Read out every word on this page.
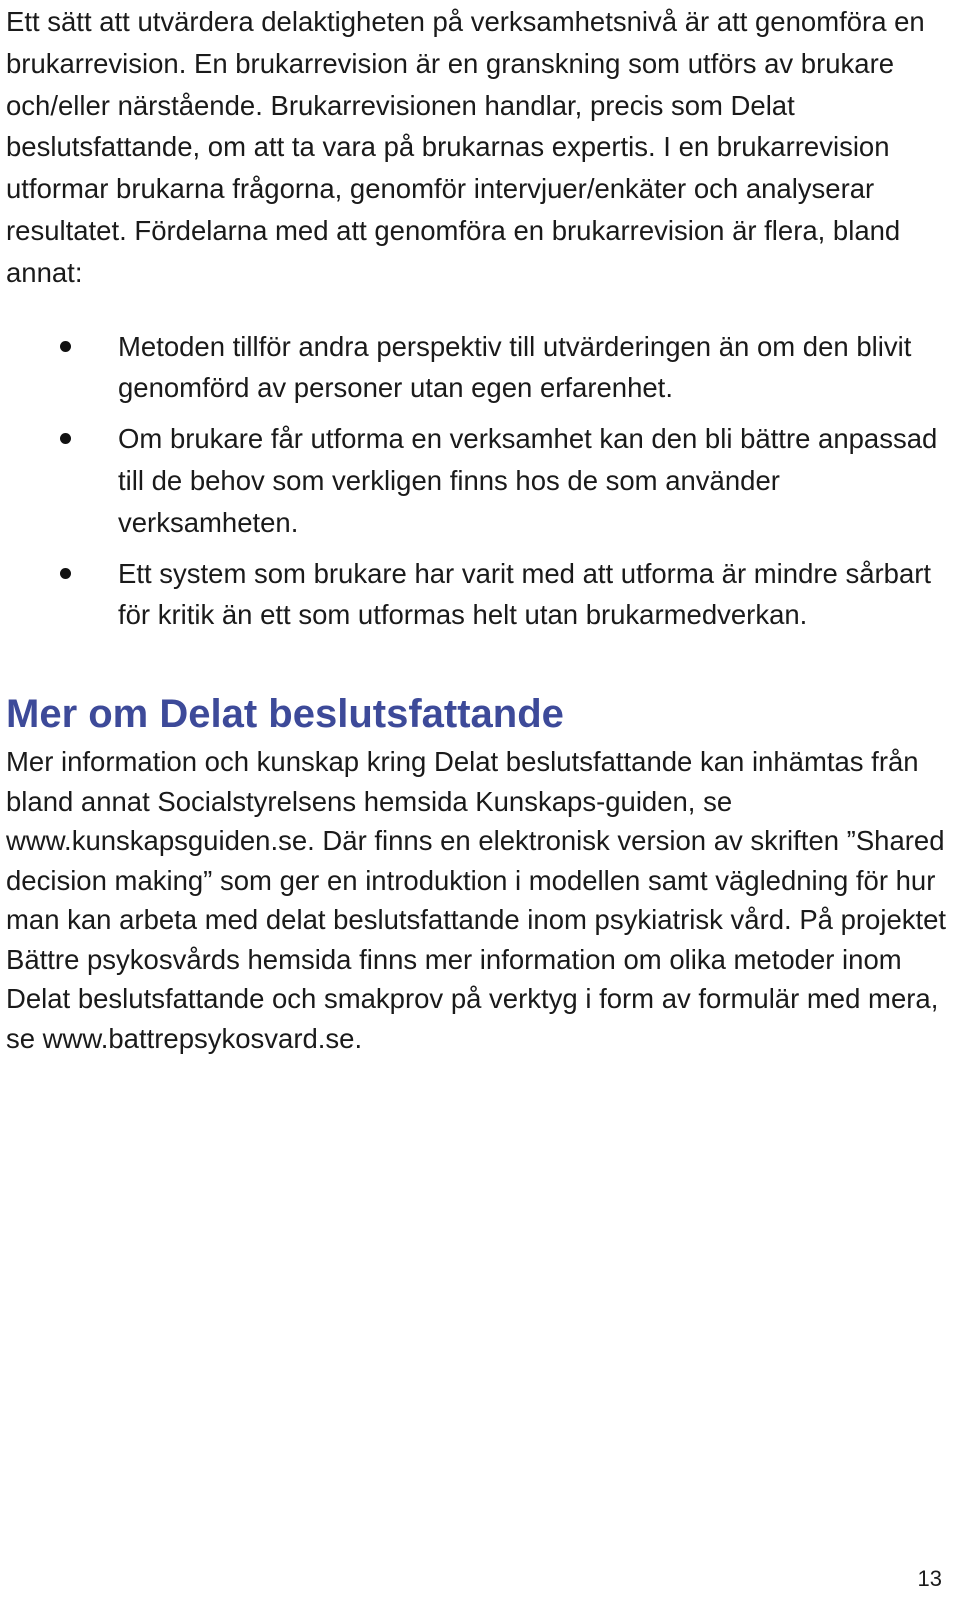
Ett sätt att utvärdera delaktigheten på verksamhetsnivå är att genomföra en brukarrevision. En brukarrevision är en granskning som utförs av brukare och/eller närstående. Brukarrevisionen handlar, precis som Delat beslutsfattande, om att ta vara på brukarnas expertis. I en brukarrevision utformar brukarna frågorna, genomför intervjuer/enkäter och analyserar resultatet. Fördelarna med att genomföra en brukarrevision är flera, bland annat:

Metoden tillför andra perspektiv till utvärderingen än om den blivit genomförd av personer utan egen erfarenhet.
Om brukare får utforma en verksamhet kan den bli bättre anpassad till de behov som verkligen finns hos de som använder verksamheten.
Ett system som brukare har varit med att utforma är mindre sårbart för kritik än ett som utformas helt utan brukarmedverkan.
Mer om Delat beslutsfattande

Mer information och kunskap kring Delat beslutsfattande kan inhämtas från bland annat Socialstyrelsens hemsida Kunskaps-guiden, se www.kunskapsguiden.se. Där finns en elektronisk version av skriften ”Shared decision making” som ger en introduktion i modellen samt vägledning för hur man kan arbeta med delat beslutsfattande inom psykiatrisk vård. På projektet Bättre psykosvårds hemsida finns mer information om olika metoder inom Delat beslutsfattande och smakprov på verktyg i form av formulär med mera, se www.battrepsykosvard.se.

13
